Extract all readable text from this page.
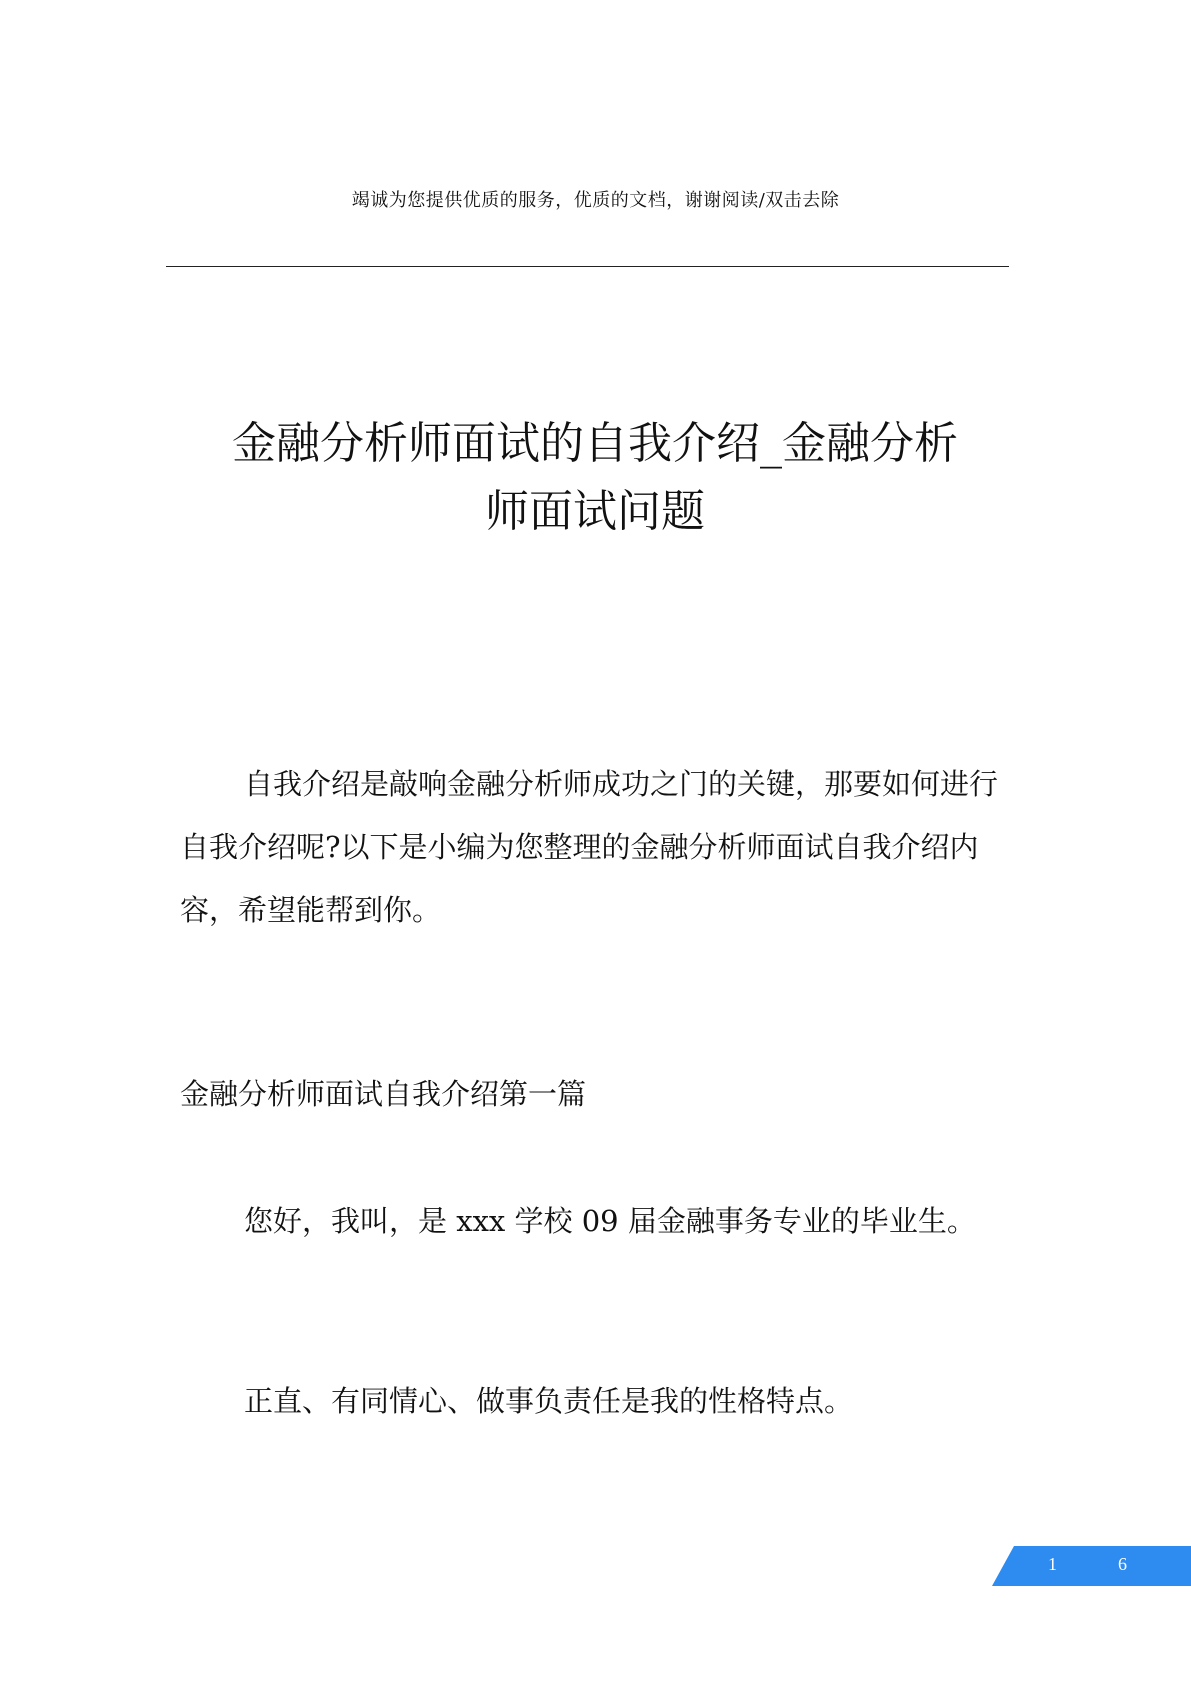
竭诚为您提供优质的服务，优质的文档，谢谢阅读/双击去除
金融分析师面试的自我介绍_金融分析
师面试问题

自我介绍是敲响金融分析师成功之门的关键，那要如何进行自我介绍呢?以下是小编为您整理的金融分析师面试自我介绍内容，希望能帮到你。

金融分析师面试自我介绍第一篇

您好，我叫，是 xxx 学校 09 届金融事务专业的毕业生。

正直、有同情心、做事负责任是我的性格特点。

1	6
